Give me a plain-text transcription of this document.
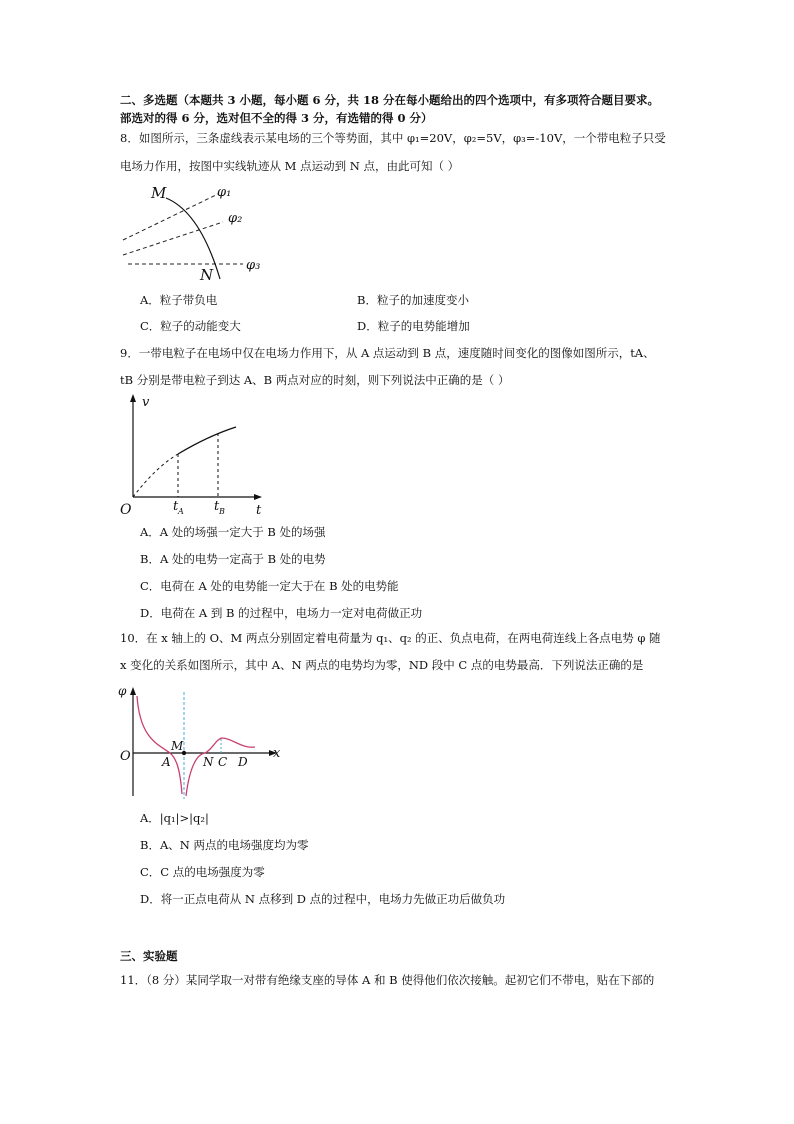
二、多选题（本题共 3 小题，每小题 6 分，共 18 分在每小题给出的四个选项中，有多项符合题目要求。
部选对的得 6 分，选对但不全的得 3 分，有选错的得 0 分）
8．如图所示，三条虚线表示某电场的三个等势面，其中 φ₁=20V，φ₂=5V，φ₃=-10V，一个带电粒子只受
电场力作用，按图中实线轨迹从 M 点运动到 N 点，由此可知（ ）
M
N
φ₁
φ₂
φ₃
A．粒子带负电	B．粒子的加速度变小
C．粒子的动能变大	D．粒子的电势能增加
9．一带电粒子在电场中仅在电场力作用下，从 A 点运动到 B 点，速度随时间变化的图像如图所示，tA、
tB 分别是带电粒子到达 A、B 两点对应的时刻，则下列说法中正确的是（ ）
v
t
O	t A t B
A．A 处的场强一定大于 B 处的场强
B．A 处的电势一定高于 B 处的电势
C．电荷在 A 处的电势能一定大于在 B 处的电势能
D．电荷在 A 到 B 的过程中，电场力一定对电荷做正功
10．在 x 轴上的 O、M 两点分别固定着电荷量为 q₁、q₂ 的正、负点电荷，在两电荷连线上各点电势 φ 随
x 变化的关系如图所示，其中 A、N 两点的电势均为零，ND 段中 C 点的电势最高．下列说法正确的是
φ
x
O
M
A	N C D
A．|q₁|>|q₂|
B．A、N 两点的电场强度均为零
C．C 点的电场强度为零
D．将一正点电荷从 N 点移到 D 点的过程中，电场力先做正功后做负功
三、实验题
11．（8 分）某同学取一对带有绝缘支座的导体 A 和 B 使得他们依次接触。起初它们不带电，贴在下部的
